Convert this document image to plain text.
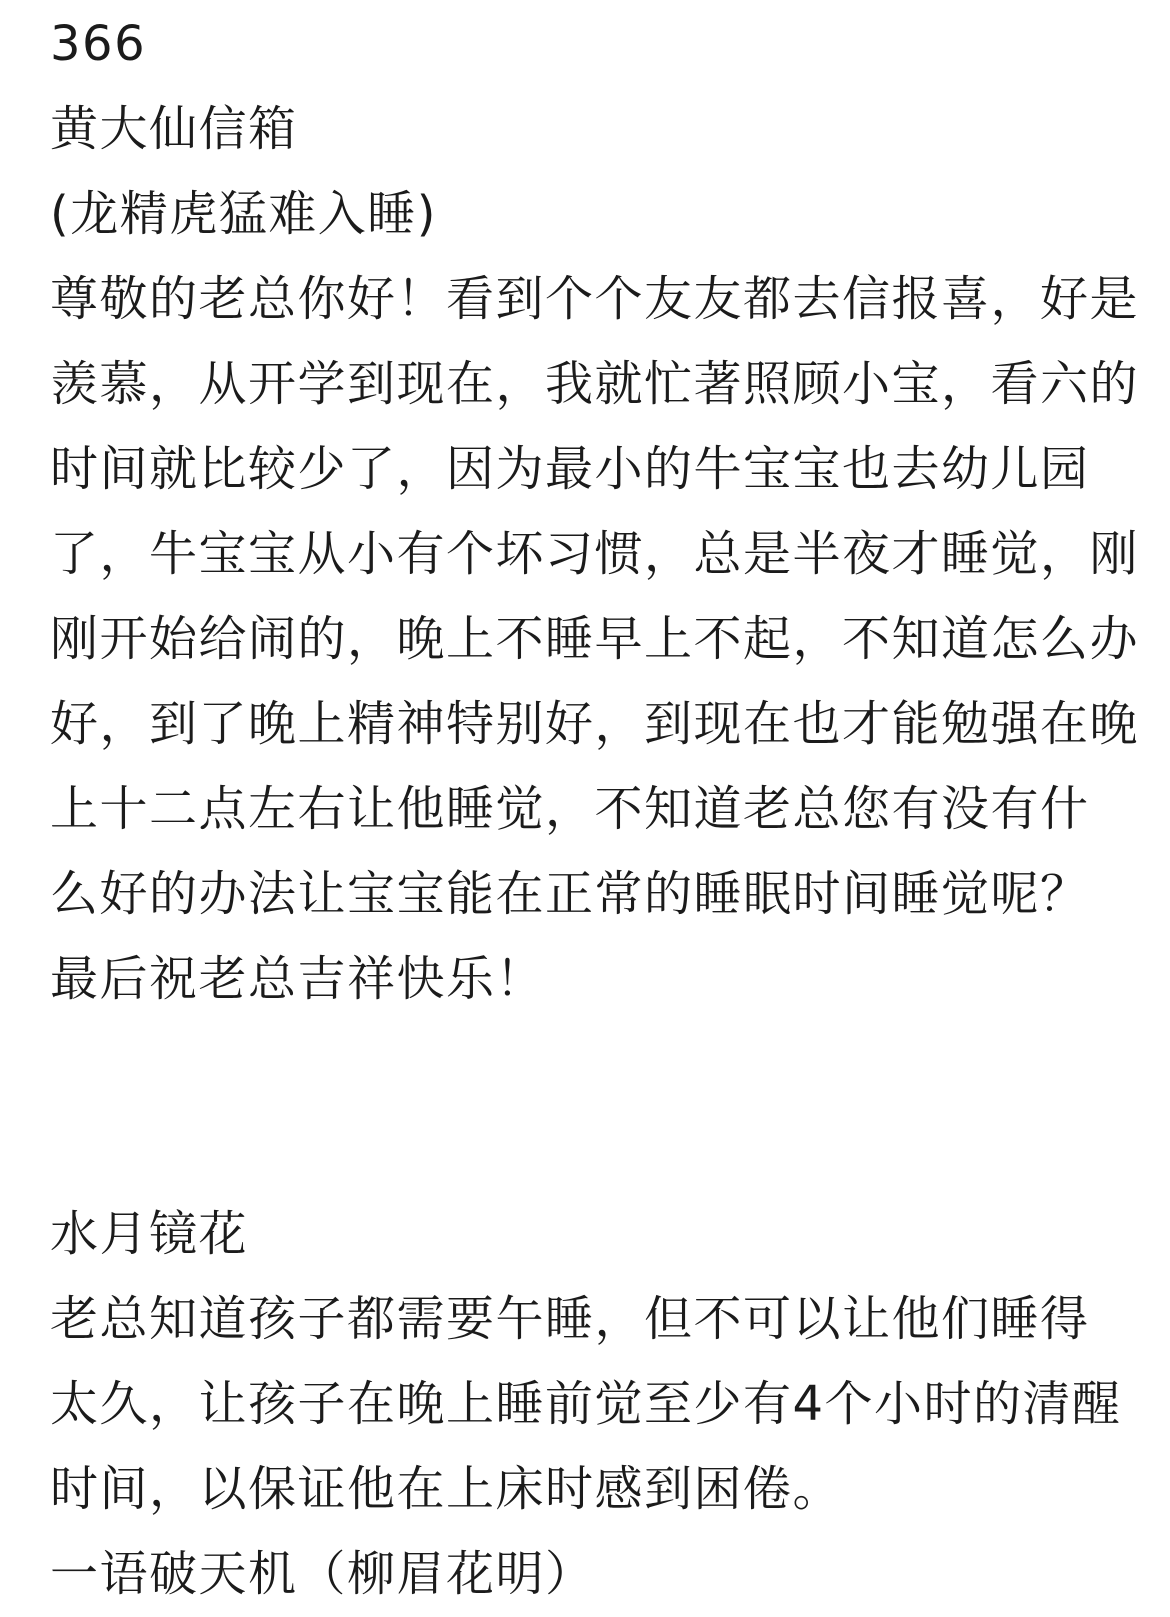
366
黄大仙信箱
(龙精虎猛难入睡)
尊敬的老总你好！看到个个友友都去信报喜，好是
羡慕，从开学到现在，我就忙著照顾小宝，看六的
时间就比较少了，因为最小的牛宝宝也去幼儿园
了，牛宝宝从小有个坏习惯，总是半夜才睡觉，刚
刚开始给闹的，晚上不睡早上不起，不知道怎么办
好，到了晚上精神特别好，到现在也才能勉强在晚
上十二点左右让他睡觉，不知道老总您有没有什
么好的办法让宝宝能在正常的睡眠时间睡觉呢？
最后祝老总吉祥快乐！
水月镜花
老总知道孩子都需要午睡，但不可以让他们睡得
太久，让孩子在晚上睡前觉至少有4个小时的清醒
时间，以保证他在上床时感到困倦。
一语破天机（柳眉花明）
